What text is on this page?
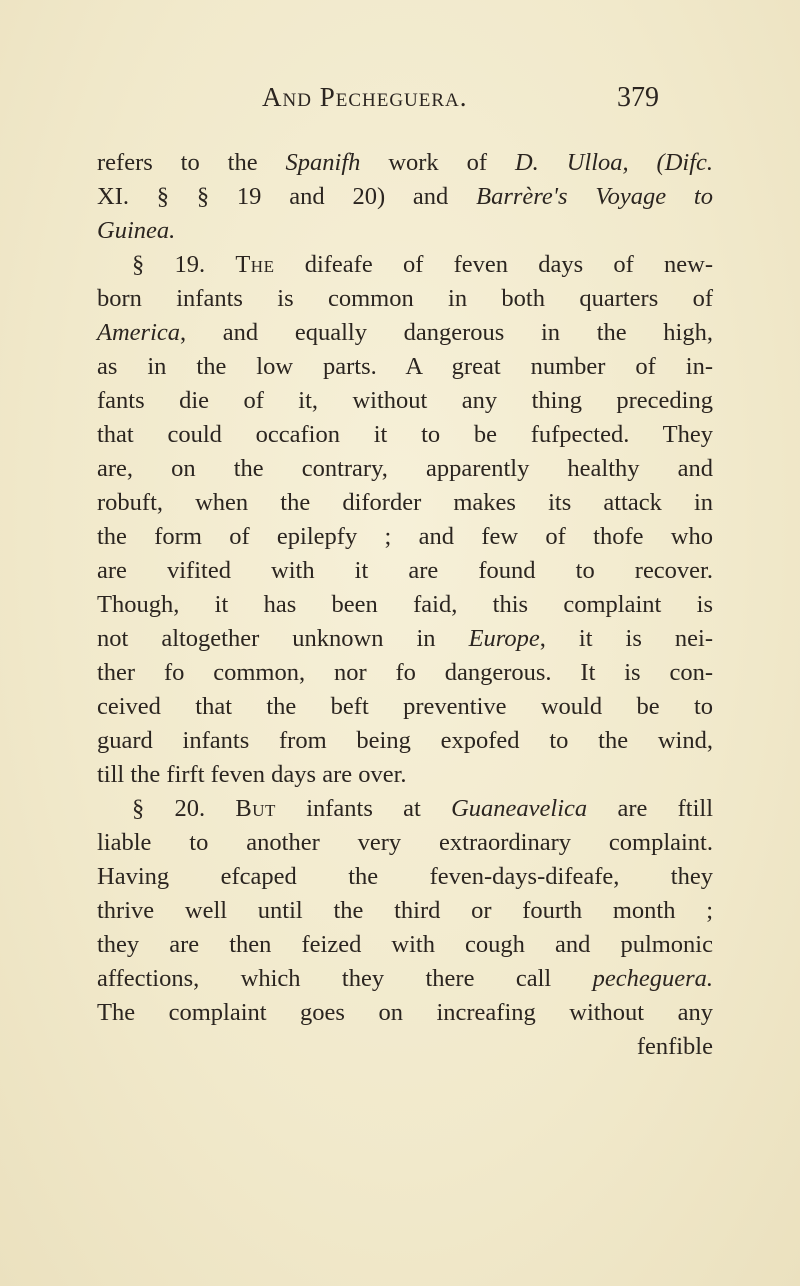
And Pecheguera.	379
refers to the Spanifh work of D. Ulloa, (Difc.
XI. § § 19 and 20) and Barrère's Voyage to
Guinea.
§ 19. The difeafe of feven days of new-
born infants is common in both quarters of
America, and equally dangerous in the high,
as in the low parts. A great number of in-
fants die of it, without any thing preceding
that could occafion it to be fufpected. They
are, on the contrary, apparently healthy and
robuft, when the diforder makes its attack in
the form of epilepfy ; and few of thofe who
are vifited with it are found to recover.
Though, it has been faid, this complaint is
not altogether unknown in Europe, it is nei-
ther fo common, nor fo dangerous. It is con-
ceived that the beft preventive would be to
guard infants from being expofed to the wind,
till the firft feven days are over.
§ 20. But infants at Guaneavelica are ftill
liable to another very extraordinary complaint.
Having efcaped the feven-days-difeafe, they
thrive well until the third or fourth month ;
they are then feized with cough and pulmonic
affections, which they there call pecheguera.
The complaint goes on increafing without any
fenfible
